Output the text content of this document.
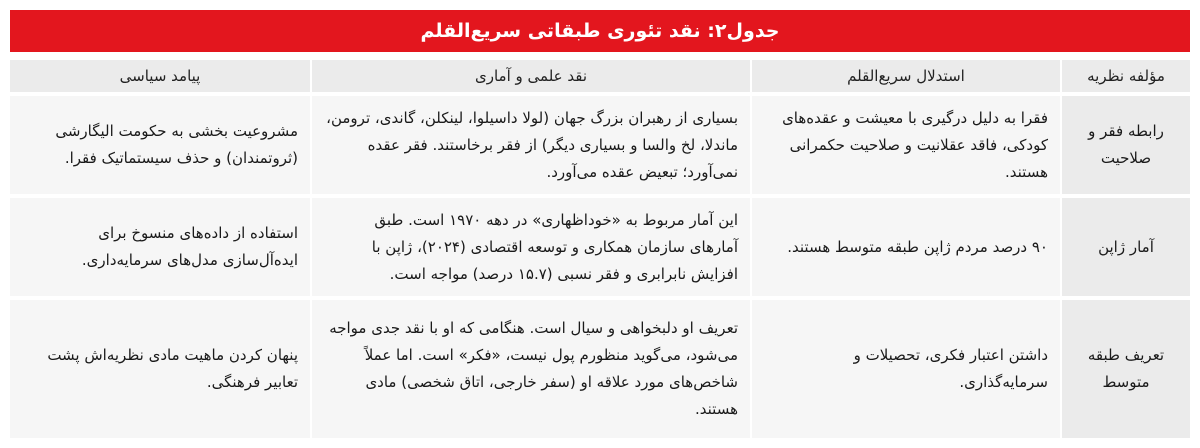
جدول۲: نقد تئوری طبقاتی سریع‌القلم
مؤلفه نظریه	استدلال سریع‌القلم	نقد علمی و آماری	پیامد سیاسی
رابطه فقر و صلاحیت	فقرا به دلیل درگیری با معیشت و عقده‌های کودکی، فاقد عقلانیت و صلاحیت حکمرانی هستند.	بسیاری از رهبران بزرگ جهان (لولا داسیلوا، لینکلن، گاندی، ترومن، ماندلا، لخ والسا و بسیاری دیگر) از فقر برخاستند. فقر عقده نمی‌آورد؛ تبعیض عقده می‌آورد.	مشروعیت بخشی به حکومت الیگارشی (ثروتمندان) و حذف سیستماتیک فقرا.
آمار ژاپن	۹۰ درصد مردم ژاپن طبقه متوسط هستند.	این آمار مربوط به «خوداظهاری» در دهه ۱۹۷۰ است. طبق آمارهای سازمان همکاری و توسعه اقتصادی (۲۰۲۴)، ژاپن با افزایش نابرابری و فقر نسبی (۱۵.۷ درصد) مواجه است.	استفاده از داده‌های منسوخ برای ایده‌آل‌سازی مدل‌های سرمایه‌داری.
تعریف طبقه متوسط	داشتن اعتبار فکری، تحصیلات و سرمایه‌گذاری.	تعریف او دلبخواهی و سیال است. هنگامی که او با نقد جدی مواجه می‌شود، می‌گوید منظورم پول نیست، «فکر» است. اما عملاً شاخص‌های مورد علاقه او (سفر خارجی، اتاق شخصی) مادی هستند.	پنهان کردن ماهیت مادی نظریه‌اش پشت تعابیر فرهنگی.
